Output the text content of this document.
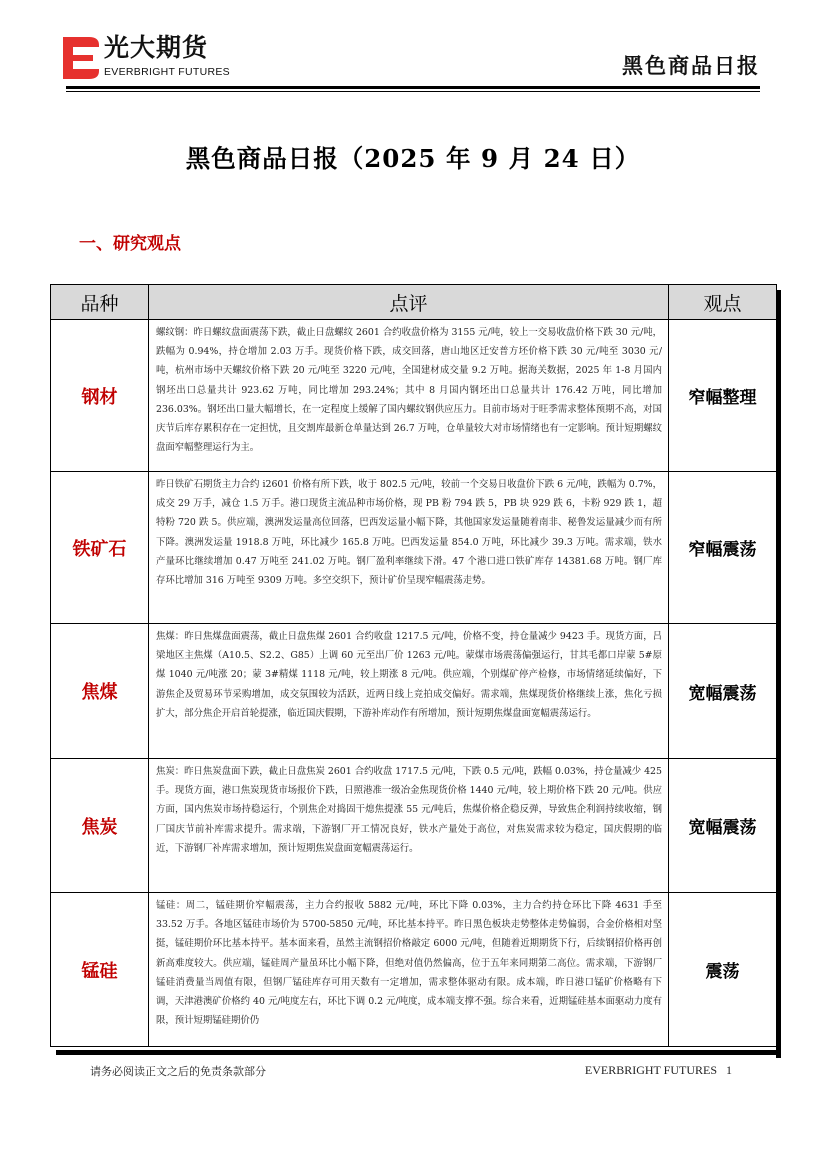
光大期货
EVERBRIGHT FUTURES	黑色商品日报
黑色商品日报（2025 年 9 月 24 日）
一、研究观点
品种	点评	观点
钢材	螺纹钢：昨日螺纹盘面震荡下跌，截止日盘螺纹 2601 合约收盘价格为 3155 元/吨，较上一交易收盘价格下跌 30 元/吨，跌幅为 0.94%，持仓增加 2.03 万手。现货价格下跌，成交回落，唐山地区迁安普方坯价格下跌 30 元/吨至 3030 元/吨，杭州市场中天螺纹价格下跌 20 元/吨至 3220 元/吨，全国建材成交量 9.2 万吨。据海关数据，2025 年 1-8 月国内钢坯出口总量共计 923.62 万吨，同比增加 293.24%；其中 8 月国内钢坯出口总量共计 176.42 万吨，同比增加 236.03%。钢坯出口量大幅增长，在一定程度上缓解了国内螺纹钢供应压力。目前市场对于旺季需求整体预期不高，对国庆节后库存累积存在一定担忧，且交割库最新仓单量达到 26.7 万吨，仓单量较大对市场情绪也有一定影响。预计短期螺纹盘面窄幅整理运行为主。	窄幅整理
铁矿石	昨日铁矿石期货主力合约 i2601 价格有所下跌，收于 802.5 元/吨，较前一个交易日收盘价下跌 6 元/吨，跌幅为 0.7%，成交 29 万手，减仓 1.5 万手。港口现货主流品种市场价格，现 PB 粉 794 跌 5，PB 块 929 跌 6，卡粉 929 跌 1，超特粉 720 跌 5。供应端，澳洲发运量高位回落，巴西发运量小幅下降，其他国家发运量随着南非、秘鲁发运量减少而有所下降。澳洲发运量 1918.8 万吨，环比减少 165.8 万吨。巴西发运量 854.0 万吨，环比减少 39.3 万吨。需求端，铁水产量环比继续增加 0.47 万吨至 241.02 万吨。钢厂盈利率继续下滑。47 个港口进口铁矿库存 14381.68 万吨。钢厂库存环比增加 316 万吨至 9309 万吨。多空交织下，预计矿价呈现窄幅震荡走势。	窄幅震荡
焦煤	焦煤：昨日焦煤盘面震荡，截止日盘焦煤 2601 合约收盘 1217.5 元/吨，价格不变，持仓量减少 9423 手。现货方面，吕梁地区主焦煤（A10.5、S2.2、G85）上调 60 元至出厂价 1263 元/吨。蒙煤市场震荡偏强运行，甘其毛都口岸蒙 5#原煤 1040 元/吨涨 20；蒙 3#精煤 1118 元/吨，较上期涨 8 元/吨。供应端，个别煤矿停产检修，市场情绪延续偏好，下游焦企及贸易环节采购增加，成交氛围较为活跃，近两日线上竞拍成交偏好。需求端，焦煤现货价格继续上涨，焦化亏损扩大，部分焦企开启首轮提涨，临近国庆假期，下游补库动作有所增加，预计短期焦煤盘面宽幅震荡运行。	宽幅震荡
焦炭	焦炭：昨日焦炭盘面下跌，截止日盘焦炭 2601 合约收盘 1717.5 元/吨，下跌 0.5 元/吨，跌幅 0.03%，持仓量减少 425 手。现货方面，港口焦炭现货市场报价下跌，日照港准一级冶金焦现货价格 1440 元/吨，较上期价格下跌 20 元/吨。供应方面，国内焦炭市场持稳运行，个别焦企对捣固干熄焦提涨 55 元/吨后，焦煤价格企稳反弹，导致焦企利润持续收缩，钢厂国庆节前补库需求提升。需求端，下游钢厂开工情况良好，铁水产量处于高位，对焦炭需求较为稳定，国庆假期的临近，下游钢厂补库需求增加，预计短期焦炭盘面宽幅震荡运行。	宽幅震荡
锰硅	锰硅：周二，锰硅期价窄幅震荡，主力合约报收 5882 元/吨，环比下降 0.03%，主力合约持仓环比下降 4631 手至 33.52 万手。各地区锰硅市场价为 5700-5850 元/吨，环比基本持平。昨日黑色板块走势整体走势偏弱，合金价格相对坚挺，锰硅期价环比基本持平。基本面来看，虽然主流钢招价格敲定 6000 元/吨，但随着近期期货下行，后续钢招价格再创新高难度较大。供应端，锰硅周产量虽环比小幅下降，但绝对值仍然偏高，位于五年来同期第二高位。需求端，下游钢厂锰硅消费量当周值有限，但钢厂锰硅库存可用天数有一定增加，需求整体驱动有限。成本端，昨日港口锰矿价格略有下调，天津港澳矿价格约 40 元/吨度左右，环比下调 0.2 元/吨度，成本端支撑不强。综合来看，近期锰硅基本面驱动力度有限，预计短期锰硅期价仍	震荡
请务必阅读正文之后的免责条款部分	EVERBRIGHT FUTURES 1
